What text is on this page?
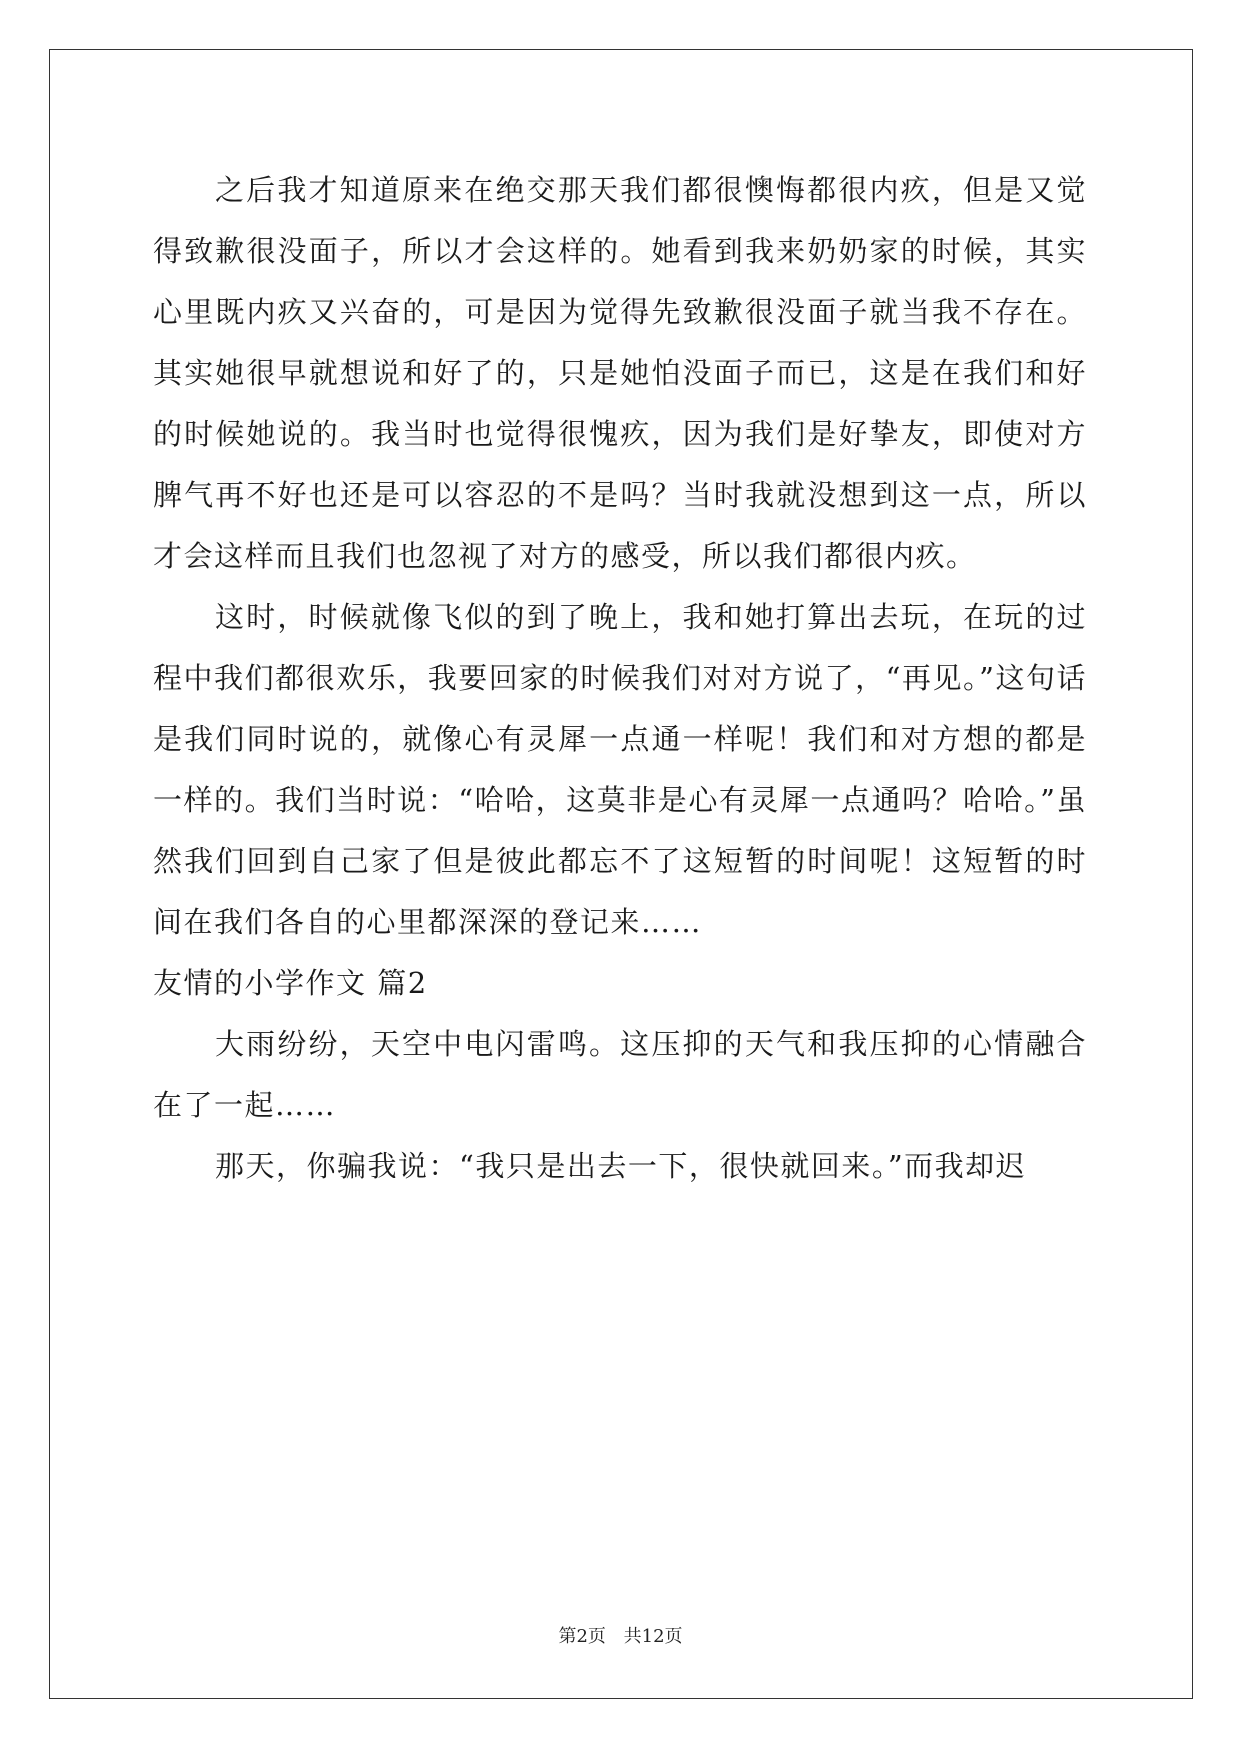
之后我才知道原来在绝交那天我们都很懊悔都很内疚，但是又觉得致歉很没面子，所以才会这样的。她看到我来奶奶家的时候，其实心里既内疚又兴奋的，可是因为觉得先致歉很没面子就当我不存在。其实她很早就想说和好了的，只是她怕没面子而已，这是在我们和好的时候她说的。我当时也觉得很愧疚，因为我们是好挚友，即使对方脾气再不好也还是可以容忍的不是吗？当时我就没想到这一点，所以才会这样而且我们也忽视了对方的感受，所以我们都很内疚。

这时，时候就像飞似的到了晚上，我和她打算出去玩，在玩的过程中我们都很欢乐，我要回家的时候我们对对方说了，“再见。”这句话是我们同时说的，就像心有灵犀一点通一样呢！我们和对方想的都是一样的。我们当时说：“哈哈，这莫非是心有灵犀一点通吗？哈哈。”虽然我们回到自己家了但是彼此都忘不了这短暂的时间呢！这短暂的时间在我们各自的心里都深深的登记来……

友情的小学作文 篇2

大雨纷纷，天空中电闪雷鸣。这压抑的天气和我压抑的心情融合在了一起……

那天，你骗我说：“我只是出去一下，很快就回来。”而我却迟

第2页 共12页
